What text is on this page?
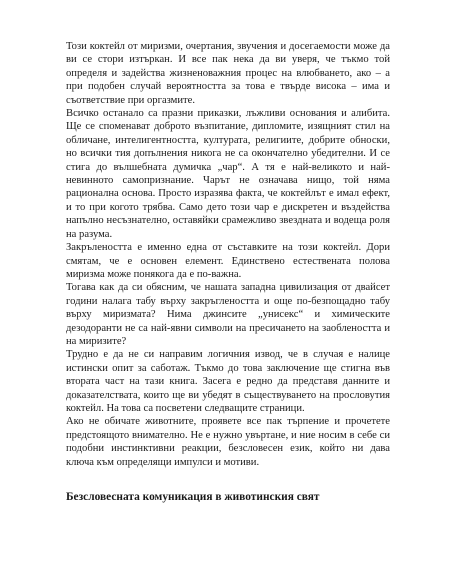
Този коктейл от миризми, очертания, звучения и досегаемости може да ви се стори изтъркан. И все пак нека да ви уверя, че тъкмо той определя и задейства жизненоважния процес на влюбването, ако – а при подобен случай вероятността за това е твърде висока – има и съответствие при оргазмите.

Всичко останало са празни приказки, лъжливи основания и алибита. Ще се споменават доброто възпитание, дипломите, изящният стил на обличане, интелигентността, културата, религиите, добрите обноски, но всички тия допълнения никога не са окончателно убедителни. И се стига до вълшебната думичка „чар“. А тя е най-великото и най-невинното самопризнание. Чарът не означава нищо, той няма рационална основа. Просто изразява факта, че коктейлът е имал ефект, и то при когото трябва. Само дето този чар е дискретен и въздейства напълно несъзнателно, оставяйки срамежливо звездната и водеща роля на разума.

Закрълеността е именно една от съставките на този коктейл. Дори смятам, че е основен елемент. Единствено естествената полова миризма може понякога да е по-важна.

Тогава как да си обясним, че нашата западна цивилизация от двайсет години налага табу върху закръглеността и още по-безпощадно табу върху миризмата? Нима джинсите „унисекс“ и химическите дезодоранти не са най-явни символи на пресичането на заоблеността и на миризите?

Трудно е да не си направим логичния извод, че в случая е налице истински опит за саботаж. Тъкмо до това заключение ще стигна във втората част на тази книга. Засега е редно да представя данните и доказателствата, които ще ви убедят в съществуването на прословутия коктейл. На това са посветени следващите страници.

Ако не обичате животните, проявете все пак търпение и прочетете предстоящото внимателно. Не е нужно увъртане, и ние носим в себе си подобни инстинктивни реакции, безсловесен език, който ни дава ключа към определящи импулси и мотиви.

Безсловесната комуникация в животинския свят
